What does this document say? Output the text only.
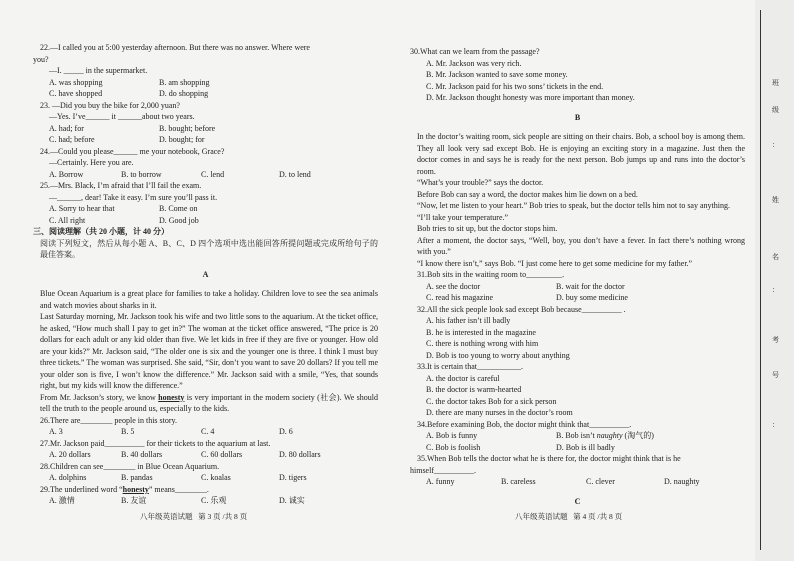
22.—I called you at 5:00 yesterday afternoon. But there was no answer. Where were

you?

—I. _____ in the supermarket.

A. was shopping	B. am shopping
C. have shopped	D. do shopping

23. —Did you buy the bike for 2,000 yuan?

—Yes. I’ve______ it ______about two years.

A. had; for	B. bought; before
C. had; before	D. bought; for

24.—Could you please______ me your notebook, Grace?

—Certainly. Here you are.

A. Borrow	B. to borrow	C. lend	D. to lend

25.—Mrs. Black, I’m afraid that I’ll fail the exam.

—______, dear! Take it easy. I’m sure you’ll pass it.

A. Sorry to hear that	B. Come on
C. All right	D. Good job

三、阅读理解（共 20 小题，计 40 分）

阅读下列短文，然后从每小题 A、B、C、D 四个选项中选出能回答所提问题或完成所给句子的最佳答案。

A

Blue Ocean Aquarium is a great place for families to take a holiday. Children love to see the sea animals and watch movies about sharks in it.

Last Saturday morning, Mr. Jackson took his wife and two little sons to the aquarium. At the ticket office, he asked, “How much shall I pay to get in?” The woman at the ticket office answered, “The price is 20 dollars for each adult or any kid older than five. We let kids in free if they are five or younger. How old are your kids?” Mr. Jackson said, “The older one is six and the younger one is three. I think I must buy three tickets.” The woman was surprised. She said, “Sir, don’t you want to save 20 dollars? If you tell me your older son is five, I won’t know the difference.” Mr. Jackson said with a smile, “Yes, that sounds right, but my kids will know the difference.”

From Mr. Jackson’s story, we know honesty is very important in the modern society (社会). We should tell the truth to the people around us, especially to the kids.

26.There are________ people in this story.

A. 3	B. 5	C. 4	D. 6

27.Mr. Jackson paid__________ for their tickets to the aquarium at last.

A. 20 dollars	B. 40 dollars	C. 60 dollars	D. 80 dollars

28.Children can see________ in Blue Ocean Aquarium.

A. dolphins	B. pandas	C. koalas	D. tigers

29.The underlined word “honesty” means________.

A. 激情	B. 友谊	C. 乐观	D. 诚实

30.What can we learn from the passage?

A. Mr. Jackson was very rich.

B. Mr. Jackson wanted to save some money.

C. Mr. Jackson paid for his two sons’ tickets in the end.

D. Mr. Jackson thought honesty was more important than money.

B

In the doctor’s waiting room, sick people are sitting on their chairs. Bob, a school boy is among them. They all look very sad except Bob. He is enjoying an exciting story in a magazine. Just then the doctor comes in and says he is ready for the next person. Bob jumps up and runs into the doctor’s room.

“What’s your trouble?” says the doctor.

Before Bob can say a word, the doctor makes him lie down on a bed.

“Now, let me listen to your heart.” Bob tries to speak, but the doctor tells him not to say anything.

“I’ll take your temperature.”

Bob tries to sit up, but the doctor stops him.

After a moment, the doctor says, “Well, boy, you don’t have a fever. In fact there’s nothing wrong with you.”

“I know there isn’t,” says Bob. “I just come here to get some medicine for my father.”

31.Bob sits in the waiting room to_________.

A. see the doctor	B. wait for the doctor
C. read his magazine	D. buy some medicine

32.All the sick people look sad except Bob because__________ .

A. his father isn’t ill badly

B. he is interested in the magazine

C. there is nothing wrong with him

D. Bob is too young to worry about anything

33.It is certain that___________.

A. the doctor is careful

B. the doctor is warm-hearted

C. the doctor takes Bob for a sick person

D. there are many nurses in the doctor’s room

34.Before examining Bob, the doctor might think that__________.

A. Bob is funny	B. Bob isn’t naughty (淘气的)
C. Bob is foolish	D. Bob is ill badly

35.When Bob tells the doctor what he is there for, the doctor might think that is he

himself__________.

A. funny	B. careless	C. clever	D. naughty

C

八年级英语试题   第 3 页 /共 8 页	八年级英语试题   第 4 页 /共 8 页
班
级
：
姓
名
：
考
号
：
